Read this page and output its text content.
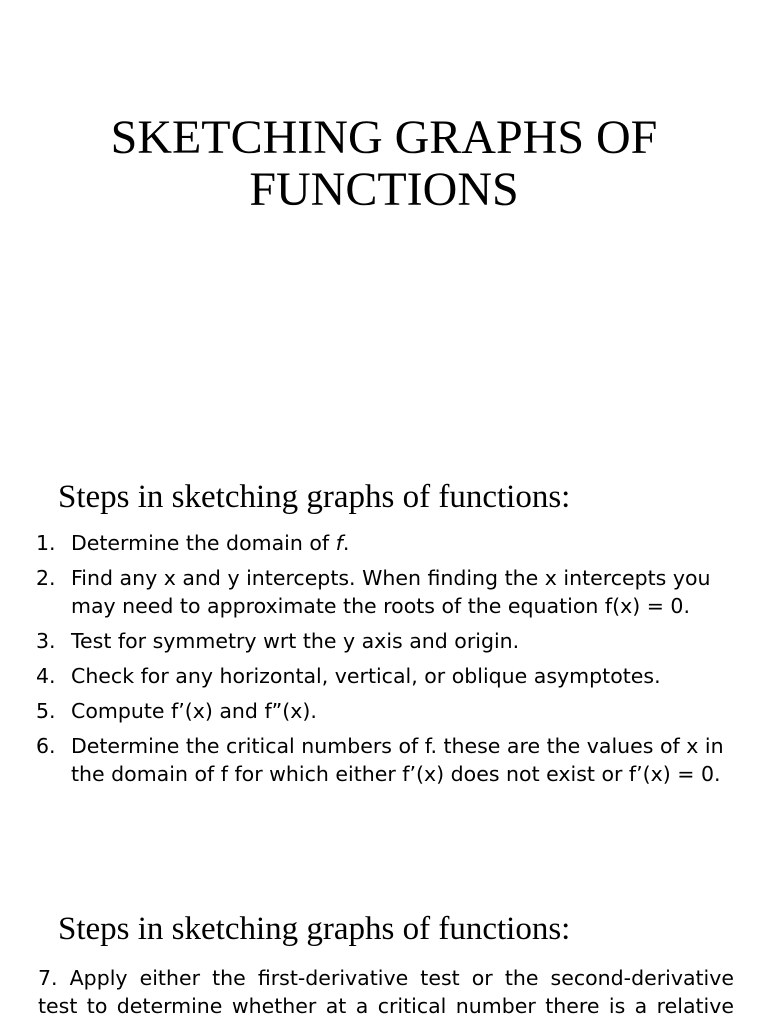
SKETCHING GRAPHS OF
FUNCTIONS
Steps in sketching graphs of functions:
1. Determine the domain of f.
2. Find any x and y intercepts. When finding the x intercepts you may need to approximate the roots of the equation f(x) = 0.
3. Test for symmetry wrt the y axis and origin.
4. Check for any horizontal, vertical, or oblique asymptotes.
5. Compute f’(x) and f”(x).
6. Determine the critical numbers of f. these are the values of x in the domain of f for which either f’(x) does not exist or f’(x) = 0.
Steps in sketching graphs of functions:

7. Apply either the first-derivative test or the second-derivative test to determine whether at a critical number there is a relative
